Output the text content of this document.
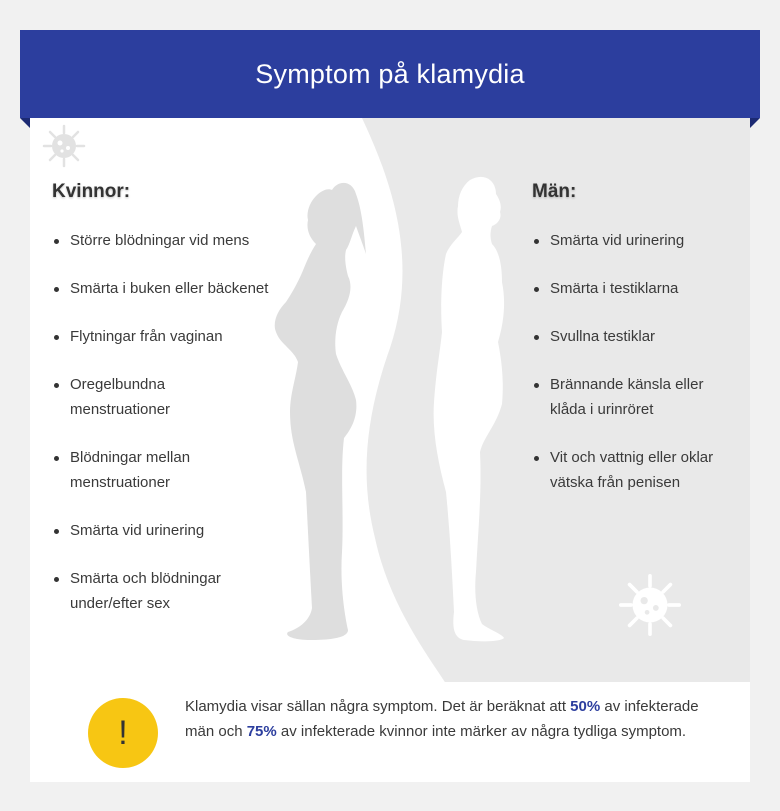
Symptom på klamydia
Kvinnor:
Större blödningar vid mens
Smärta i buken eller bäckenet
Flytningar från vaginan
Oregelbundna
menstruationer
Blödningar mellan
menstruationer
Smärta vid urinering
Smärta och blödningar
under/efter sex
Män:
Smärta vid urinering
Smärta i testiklarna
Svullna testiklar
Brännande känsla eller
klåda i urinröret
Vit och vattnig eller oklar
vätska från penisen
!

Klamydia visar sällan några symptom. Det är beräknat att 50% av infekterade män och 75% av infekterade kvinnor inte märker av några tydliga symptom.
